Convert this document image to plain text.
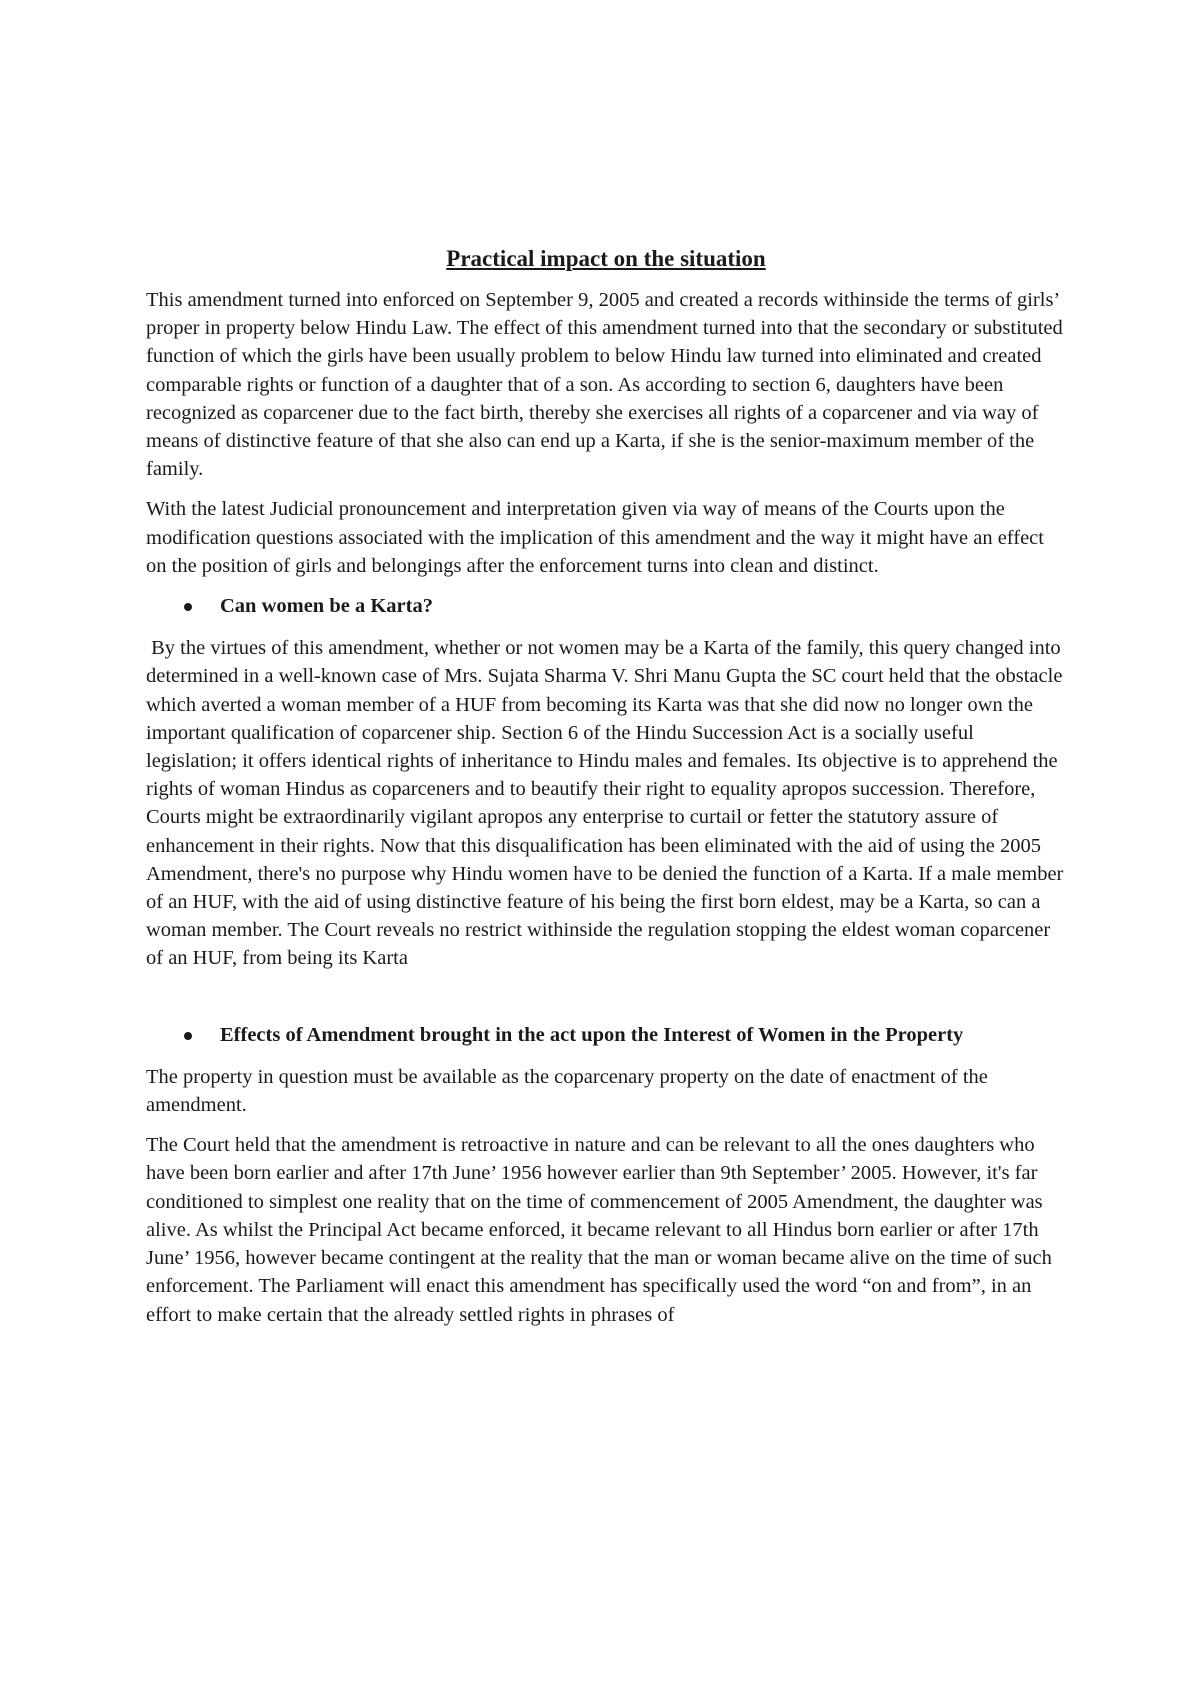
Practical impact on the situation

This amendment turned into enforced on September 9, 2005 and created a records withinside the terms of girls’ proper in property below Hindu Law. The effect of this amendment turned into that the secondary or substituted function of which the girls have been usually problem to below Hindu law turned into eliminated and created comparable rights or function of a daughter that of a son. As according to section 6, daughters have been recognized as coparcener due to the fact birth, thereby she exercises all rights of a coparcener and via way of means of distinctive feature of that she also can end up a Karta, if she is the senior-maximum member of the family.

With the latest Judicial pronouncement and interpretation given via way of means of the Courts upon the modification questions associated with the implication of this amendment and the way it might have an effect on the position of girls and belongings after the enforcement turns into clean and distinct.

Can women be a Karta?

By the virtues of this amendment, whether or not women may be a Karta of the family, this query changed into determined in a well-known case of Mrs. Sujata Sharma V. Shri Manu Gupta the SC court held that the obstacle which averted a woman member of a HUF from becoming its Karta was that she did now no longer own the important qualification of coparcener ship. Section 6 of the Hindu Succession Act is a socially useful legislation; it offers identical rights of inheritance to Hindu males and females. Its objective is to apprehend the rights of woman Hindus as coparceners and to beautify their right to equality apropos succession. Therefore, Courts might be extraordinarily vigilant apropos any enterprise to curtail or fetter the statutory assure of enhancement in their rights. Now that this disqualification has been eliminated with the aid of using the 2005 Amendment, there's no purpose why Hindu women have to be denied the function of a Karta. If a male member of an HUF, with the aid of using distinctive feature of his being the first born eldest, may be a Karta, so can a woman member. The Court reveals no restrict withinside the regulation stopping the eldest woman coparcener of an HUF, from being its Karta

Effects of Amendment brought in the act upon the Interest of Women in the Property

The property in question must be available as the coparcenary property on the date of enactment of the amendment.

The Court held that the amendment is retroactive in nature and can be relevant to all the ones daughters who have been born earlier and after 17th June’ 1956 however earlier than 9th September’ 2005. However, it's far conditioned to simplest one reality that on the time of commencement of 2005 Amendment, the daughter was alive. As whilst the Principal Act became enforced, it became relevant to all Hindus born earlier or after 17th June’ 1956, however became contingent at the reality that the man or woman became alive on the time of such enforcement. The Parliament will enact this amendment has specifically used the word “on and from”, in an effort to make certain that the already settled rights in phrases of
